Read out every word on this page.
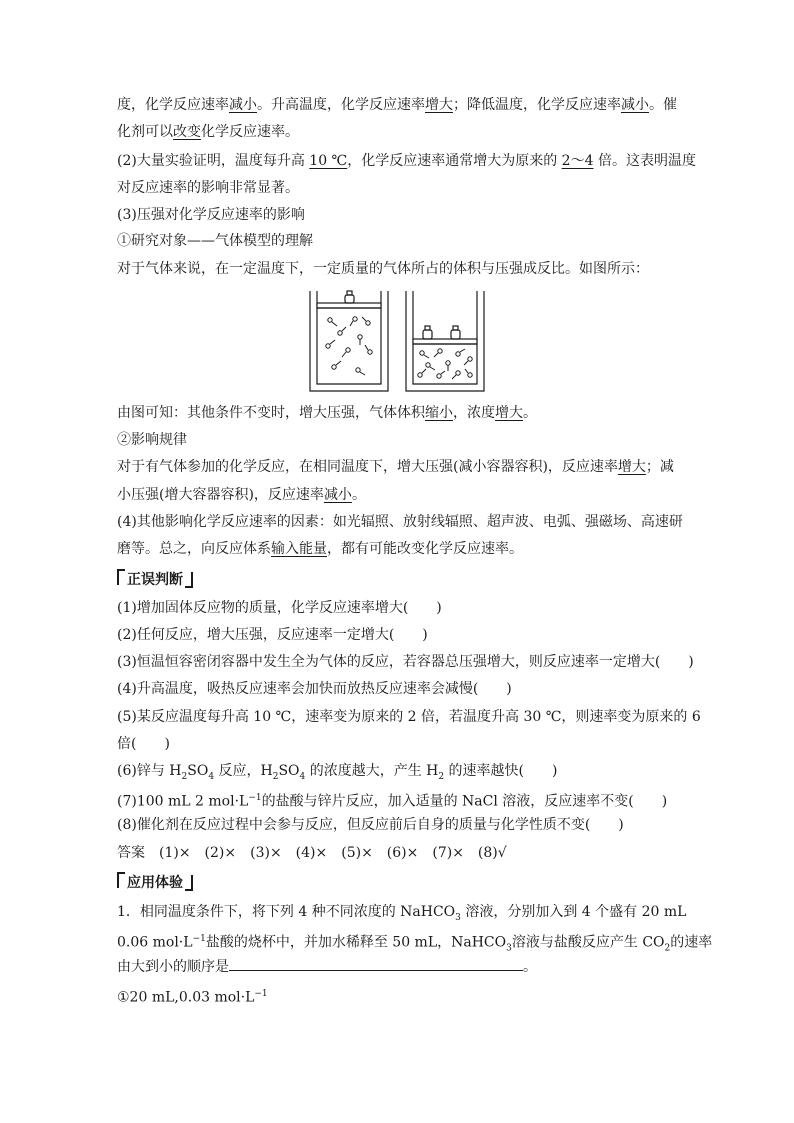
度，化学反应速率减小。升高温度，化学反应速率增大；降低温度，化学反应速率减小。催
化剂可以改变化学反应速率。
(2)大量实验证明，温度每升高 10 ℃，化学反应速率通常增大为原来的 2～4 倍。这表明温度
对反应速率的影响非常显著。
(3)压强对化学反应速率的影响
①研究对象——气体模型的理解
对于气体来说，在一定温度下，一定质量的气体所占的体积与压强成反比。如图所示：
由图可知：其他条件不变时，增大压强，气体体积缩小，浓度增大。
②影响规律
对于有气体参加的化学反应，在相同温度下，增大压强(减小容器容积)，反应速率增大；减
小压强(增大容器容积)，反应速率减小。
(4)其他影响化学反应速率的因素：如光辐照、放射线辐照、超声波、电弧、强磁场、高速研
磨等。总之，向反应体系输入能量，都有可能改变化学反应速率。
正误判断
(1)增加固体反应物的质量，化学反应速率增大(　　)
(2)任何反应，增大压强，反应速率一定增大(　　)
(3)恒温恒容密闭容器中发生全为气体的反应，若容器总压强增大，则反应速率一定增大(　　)
(4)升高温度，吸热反应速率会加快而放热反应速率会减慢(　　)
(5)某反应温度每升高 10 ℃，速率变为原来的 2 倍，若温度升高 30 ℃，则速率变为原来的 6
倍(　　)
(6)锌与 $H_2SO_4$ 反应，$H_2SO_4$ 的浓度越大，产生 $H_2$ 的速率越快(　　)
(7)100 mL 2 $mol\cdot L^{-1}$的盐酸与锌片反应，加入适量的 NaCl 溶液，反应速率不变(　　)
(8)催化剂在反应过程中会参与反应，但反应前后自身的质量与化学性质不变(　　)
答案　(1)×　(2)×　(3)×　(4)×　(5)×　(6)×　(7)×　(8)√
应用体验
1．相同温度条件下，将下列 4 种不同浓度的 NaHCO$_3$ 溶液，分别加入到 4 个盛有 20 mL
0.06 $mol\cdot L^{-1}$盐酸的烧杯中，并加水稀释至 50 mL，NaHCO$_3$溶液与盐酸反应产生 $CO_2$的速率
由大到小的顺序是	。
①20 mL,0.03 $mol\cdot L^{-1}$
